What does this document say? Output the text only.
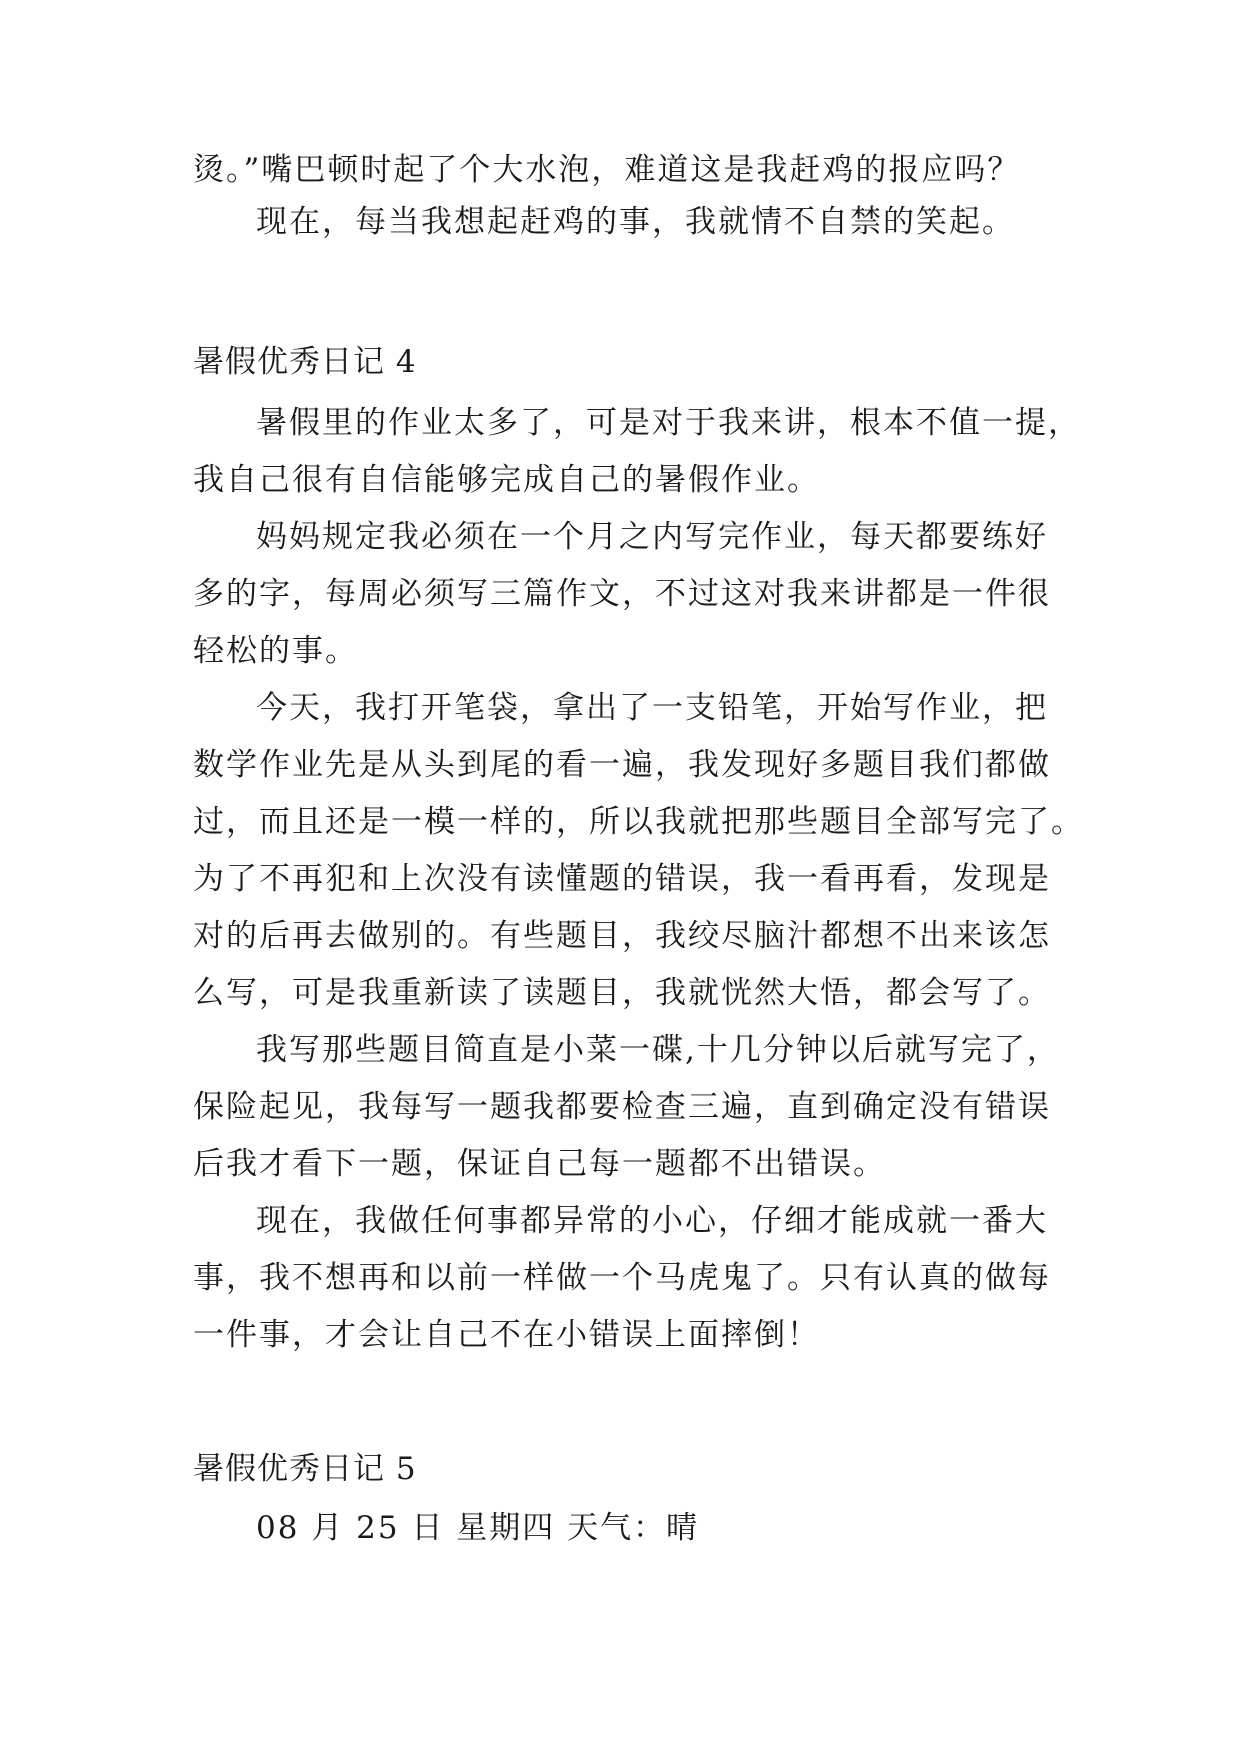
烫。”嘴巴顿时起了个大水泡，难道这是我赶鸡的报应吗？
现在，每当我想起赶鸡的事，我就情不自禁的笑起。
暑假优秀日记 4
暑假里的作业太多了，可是对于我来讲，根本不值一提，
我自己很有自信能够完成自己的暑假作业。
妈妈规定我必须在一个月之内写完作业，每天都要练好
多的字，每周必须写三篇作文，不过这对我来讲都是一件很
轻松的事。
今天，我打开笔袋，拿出了一支铅笔，开始写作业，把
数学作业先是从头到尾的看一遍，我发现好多题目我们都做
过，而且还是一模一样的，所以我就把那些题目全部写完了。
为了不再犯和上次没有读懂题的错误，我一看再看，发现是
对的后再去做别的。有些题目，我绞尽脑汁都想不出来该怎
么写，可是我重新读了读题目，我就恍然大悟，都会写了。
我写那些题目简直是小菜一碟,十几分钟以后就写完了，
保险起见，我每写一题我都要检查三遍，直到确定没有错误
后我才看下一题，保证自己每一题都不出错误。
现在，我做任何事都异常的小心，仔细才能成就一番大
事，我不想再和以前一样做一个马虎鬼了。只有认真的做每
一件事，才会让自己不在小错误上面摔倒！
暑假优秀日记 5
08 月 25 日 星期四 天气：晴
